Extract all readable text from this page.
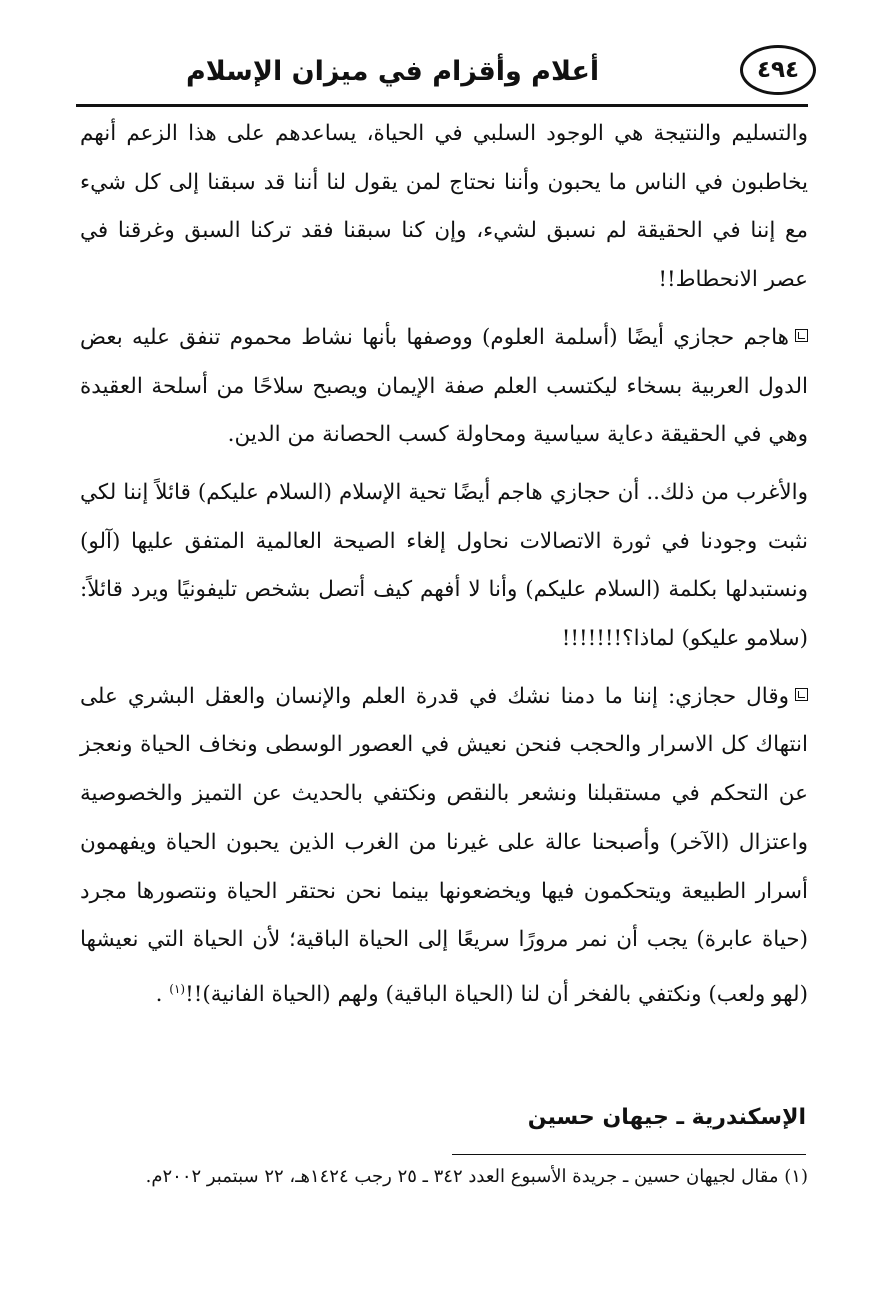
أعلام وأقزام في ميزان الإسلام	٤٩٤

والتسليم والنتيجة هي الوجود السلبي في الحياة، يساعدهم على هذا الزعم أنهم يخاطبون في الناس ما يحبون وأننا نحتاج لمن يقول لنا أننا قد سبقنا إلى كل شيء مع إننا في الحقيقة لم نسبق لشيء، وإن كنا سبقنا فقد تركنا السبق وغرقنا في عصر الانحطاط!!

هاجم حجازي أيضًا (أسلمة العلوم) ووصفها بأنها نشاط محموم تنفق عليه بعض الدول العربية بسخاء ليكتسب العلم صفة الإيمان ويصبح سلاحًا من أسلحة العقيدة وهي في الحقيقة دعاية سياسية ومحاولة كسب الحصانة من الدين.

والأغرب من ذلك.. أن حجازي هاجم أيضًا تحية الإسلام (السلام عليكم) قائلاً إننا لكي نثبت وجودنا في ثورة الاتصالات نحاول إلغاء الصيحة العالمية المتفق عليها (آلو) ونستبدلها بكلمة (السلام عليكم) وأنا لا أفهم كيف أتصل بشخص تليفونيًا ويرد قائلاً: (سلامو عليكو) لماذا؟!!!!!!!

وقال حجازي: إننا ما دمنا نشك في قدرة العلم والإنسان والعقل البشري على انتهاك كل الاسرار والحجب فنحن نعيش في العصور الوسطى ونخاف الحياة ونعجز عن التحكم في مستقبلنا ونشعر بالنقص ونكتفي بالحديث عن التميز والخصوصية واعتزال (الآخر) وأصبحنا عالة على غيرنا من الغرب الذين يحبون الحياة ويفهمون أسرار الطبيعة ويتحكمون فيها ويخضعونها بينما نحن نحتقر الحياة ونتصورها مجرد (حياة عابرة) يجب أن نمر مرورًا سريعًا إلى الحياة الباقية؛ لأن الحياة التي نعيشها (لهو ولعب) ونكتفي بالفخر أن لنا (الحياة الباقية) ولهم (الحياة الفانية)!!$^{(١)}$ .

الإسكندرية ـ جيهان حسين
(١) مقال لجيهان حسين ـ جريدة الأسبوع العدد ٣٤٢ ـ ٢٥ رجب ١٤٢٤هـ، ٢٢ سبتمبر ٢٠٠٢م.
